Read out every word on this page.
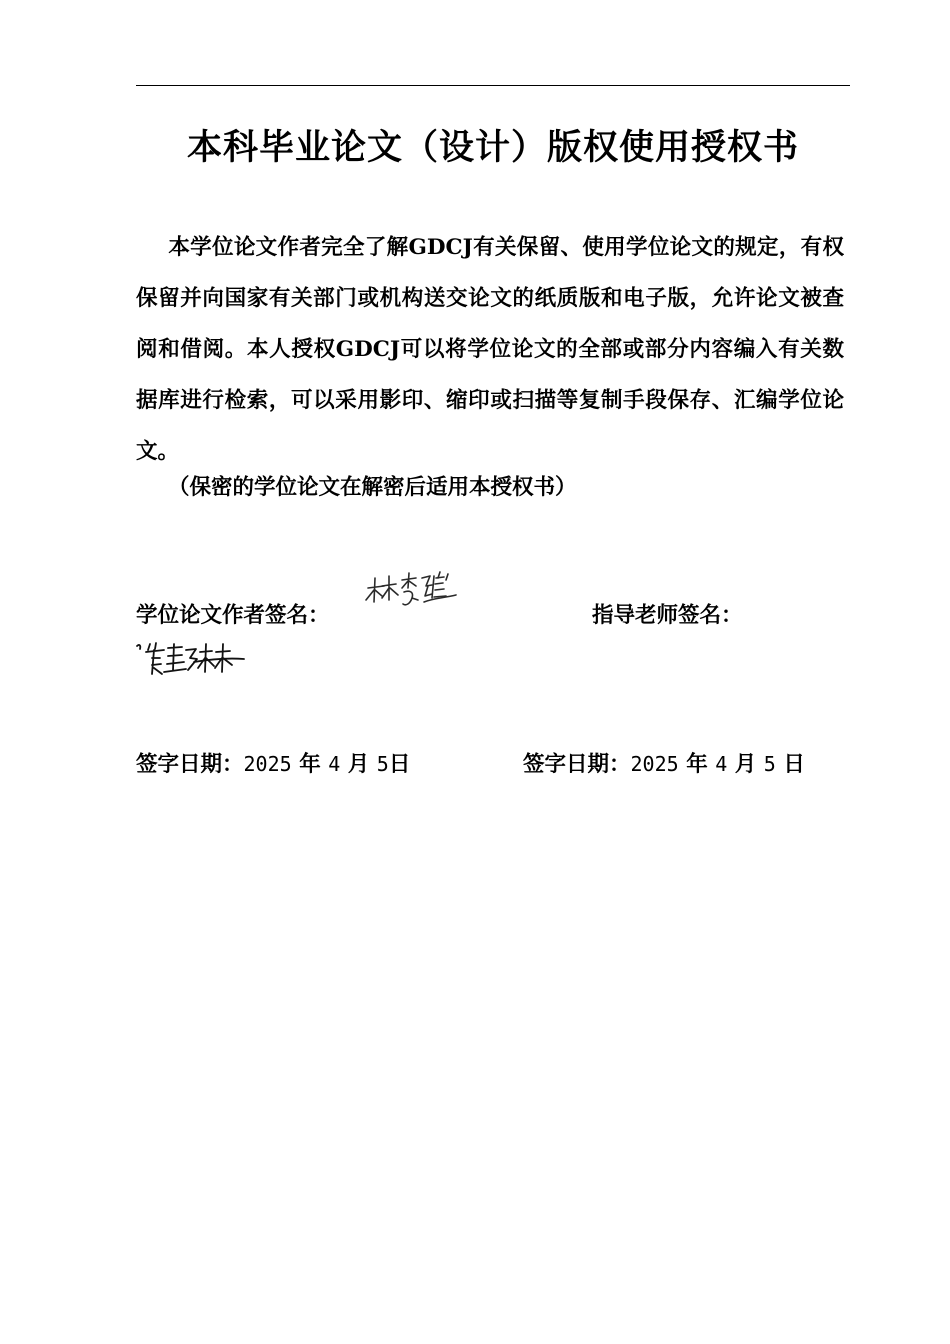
本科毕业论文（设计）版权使用授权书

本学位论文作者完全了解GDCJ有关保留、使用学位论文的规定，有权保留并向国家有关部门或机构送交论文的纸质版和电子版，允许论文被查阅和借阅。本人授权GDCJ可以将学位论文的全部或部分内容编入有关数据库进行检索，可以采用影印、缩印或扫描等复制手段保存、汇编学位论文。

（保密的学位论文在解密后适用本授权书）
学位论文作者签名：	指导老师签名：
签字日期：2025 年 4 月 5日	签字日期：2025 年 4 月 5 日
